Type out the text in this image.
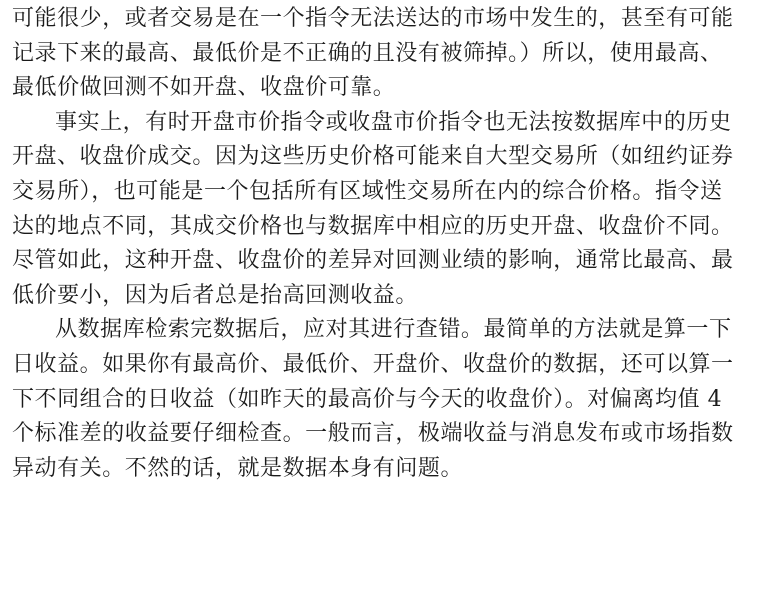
可能很少，或者交易是在一个指令无法送达的市场中发生的，甚至有可能
记录下来的最高、最低价是不正确的且没有被筛掉。）所以，使用最高、
最低价做回测不如开盘、收盘价可靠。
事实上，有时开盘市价指令或收盘市价指令也无法按数据库中的历史
开盘、收盘价成交。因为这些历史价格可能来自大型交易所（如纽约证券
交易所），也可能是一个包括所有区域性交易所在内的综合价格。指令送
达的地点不同，其成交价格也与数据库中相应的历史开盘、收盘价不同。
尽管如此，这种开盘、收盘价的差异对回测业绩的影响，通常比最高、最
低价要小，因为后者总是抬高回测收益。
从数据库检索完数据后，应对其进行查错。最简单的方法就是算一下
日收益。如果你有最高价、最低价、开盘价、收盘价的数据，还可以算一
下不同组合的日收益（如昨天的最高价与今天的收盘价）。对偏离均值 4
个标准差的收益要仔细检查。一般而言，极端收益与消息发布或市场指数
异动有关。不然的话，就是数据本身有问题。
